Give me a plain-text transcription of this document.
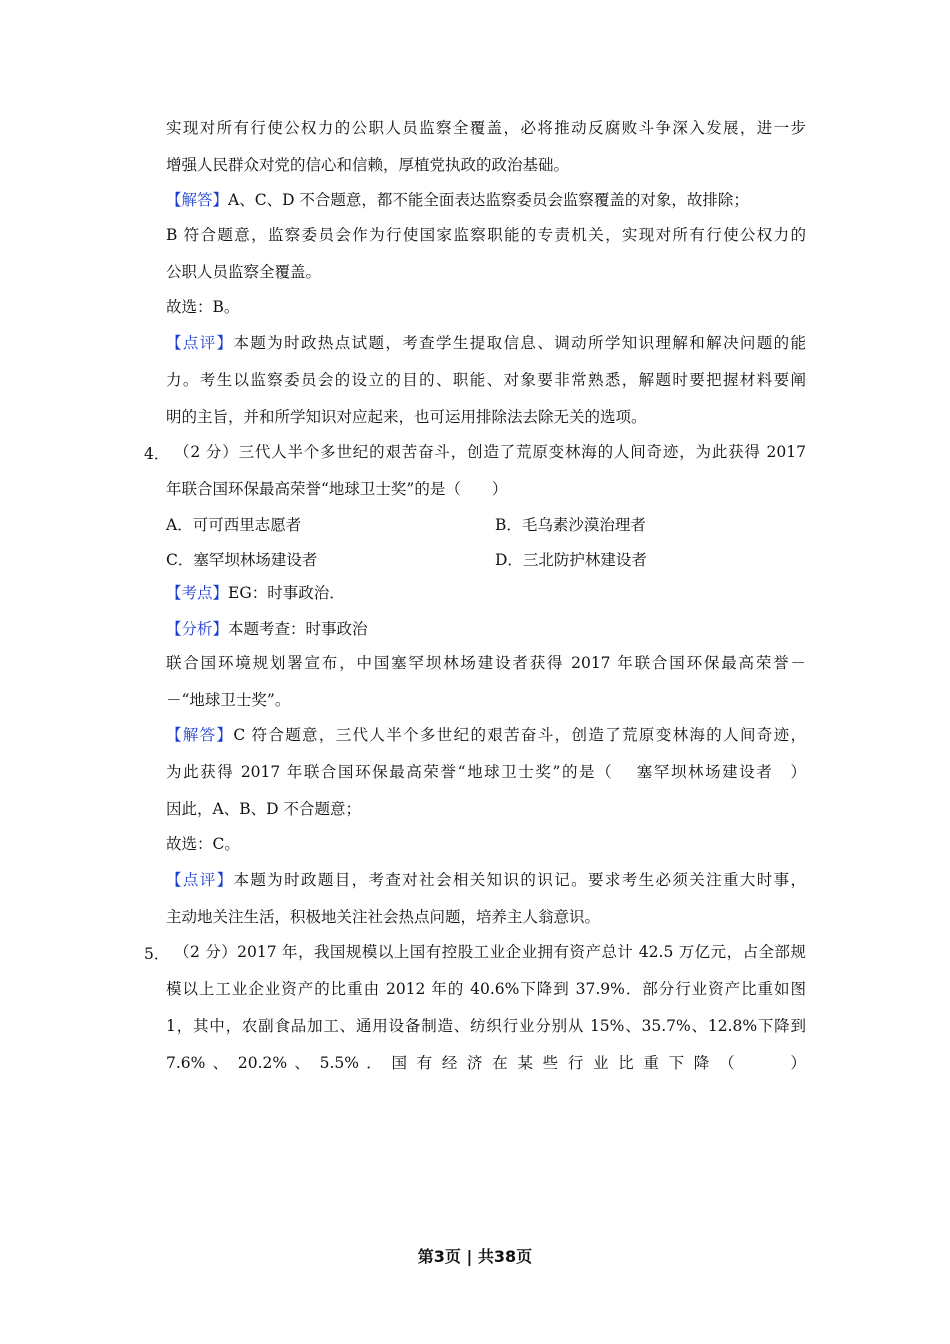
实现对所有行使公权力的公职人员监察全覆盖，必将推动反腐败斗争深入发展，进一步
增强人民群众对党的信心和信赖，厚植党执政的政治基础。
【解答】A、C、D 不合题意，都不能全面表达监察委员会监察覆盖的对象，故排除；
B 符合题意，监察委员会作为行使国家监察职能的专责机关，实现对所有行使公权力的
公职人员监察全覆盖。
故选：B。
【点评】本题为时政热点试题，考查学生提取信息、调动所学知识理解和解决问题的能
力。考生以监察委员会的设立的目的、职能、对象要非常熟悉，解题时要把握材料要阐
明的主旨，并和所学知识对应起来，也可运用排除法去除无关的选项。
4． （2 分）三代人半个多世纪的艰苦奋斗，创造了荒原变林海的人间奇迹，为此获得 2017
年联合国环保最高荣誉“地球卫士奖”的是（　　）
A．可可西里志愿者	B．毛乌素沙漠治理者
C．塞罕坝林场建设者	D．三北防护林建设者
【考点】EG：时事政治．
【分析】本题考查：时事政治
联合国环境规划署宣布，中国塞罕坝林场建设者获得 2017 年联合国环保最高荣誉－
－“地球卫士奖”。
【解答】C 符合题意，三代人半个多世纪的艰苦奋斗，创造了荒原变林海的人间奇迹，
为此获得 2017 年联合国环保最高荣誉“地球卫士奖”的是（　 塞罕坝林场建设者　）
因此，A、B、D 不合题意；
故选：C。
【点评】本题为时政题目，考查对社会相关知识的识记。要求考生必须关注重大时事，
主动地关注生活，积极地关注社会热点问题，培养主人翁意识。
5． （2 分）2017 年，我国规模以上国有控股工业企业拥有资产总计 42.5 万亿元，占全部规
模以上工业企业资产的比重由 2012 年的 40.6%下降到 37.9%．部分行业资产比重如图
1，其中，农副食品加工、通用设备制造、纺织行业分别从 15%、35.7%、12.8%下降到
7.6% 、 20.2% 、 5.5% ． 国 有 经 济 在 某 些 行 业 比 重 下 降 （　　　）
第3页 | 共38页
